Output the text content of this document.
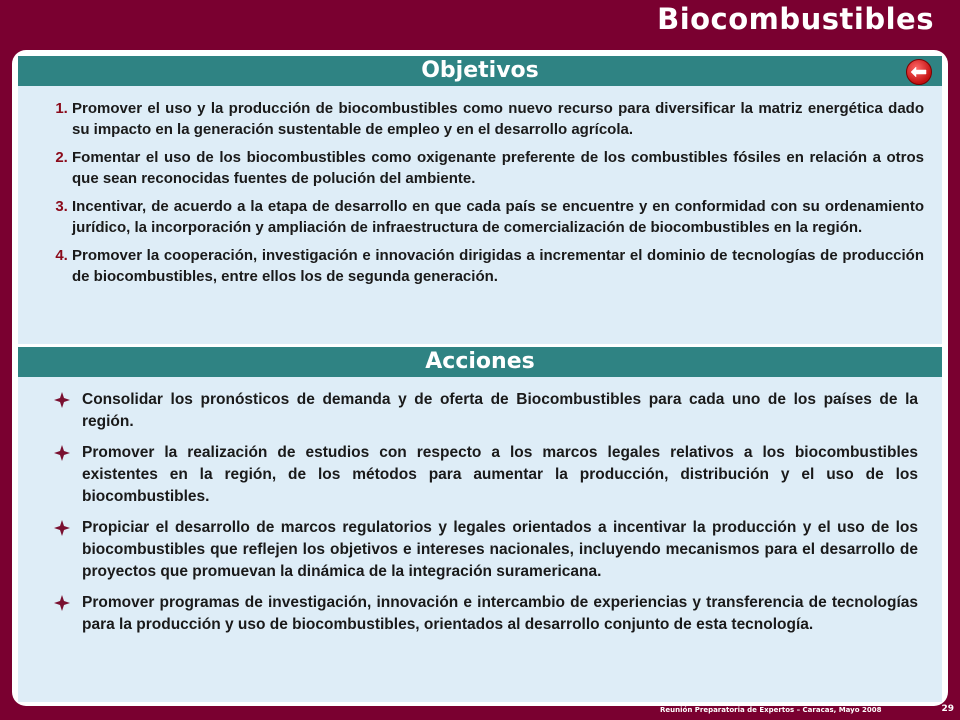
Biocombustibles
Objetivos
1. Promover el uso y la producción de biocombustibles como nuevo recurso para diversificar la matriz energética dado su impacto en la generación sustentable de empleo y en el desarrollo agrícola.
2. Fomentar el uso de los biocombustibles como oxigenante preferente de los combustibles fósiles en relación a otros que sean reconocidas fuentes de polución del ambiente.
3. Incentivar, de acuerdo a la etapa de desarrollo en que cada país se encuentre y en conformidad con su ordenamiento jurídico, la incorporación y ampliación de infraestructura de comercialización de biocombustibles en la región.
4. Promover la cooperación, investigación e innovación dirigidas a incrementar el dominio de tecnologías de producción de biocombustibles, entre ellos los de segunda generación.
Acciones
Consolidar los pronósticos de demanda y de oferta de Biocombustibles para cada uno de los países de la región.
Promover la realización de estudios con respecto a los marcos legales relativos a los biocombustibles existentes en la región, de los métodos para aumentar la producción, distribución y el uso de los biocombustibles.
Propiciar el desarrollo de marcos regulatorios y legales orientados a incentivar la producción y el uso de los biocombustibles que reflejen los objetivos e intereses nacionales, incluyendo mecanismos para el desarrollo de proyectos que promuevan la dinámica de la integración suramericana.
Promover programas de investigación, innovación e intercambio de experiencias y transferencia de tecnologías para la producción y uso de biocombustibles, orientados al desarrollo conjunto de esta tecnología.
Reunión Preparatoria de Expertos – Caracas, Mayo 2008	29
